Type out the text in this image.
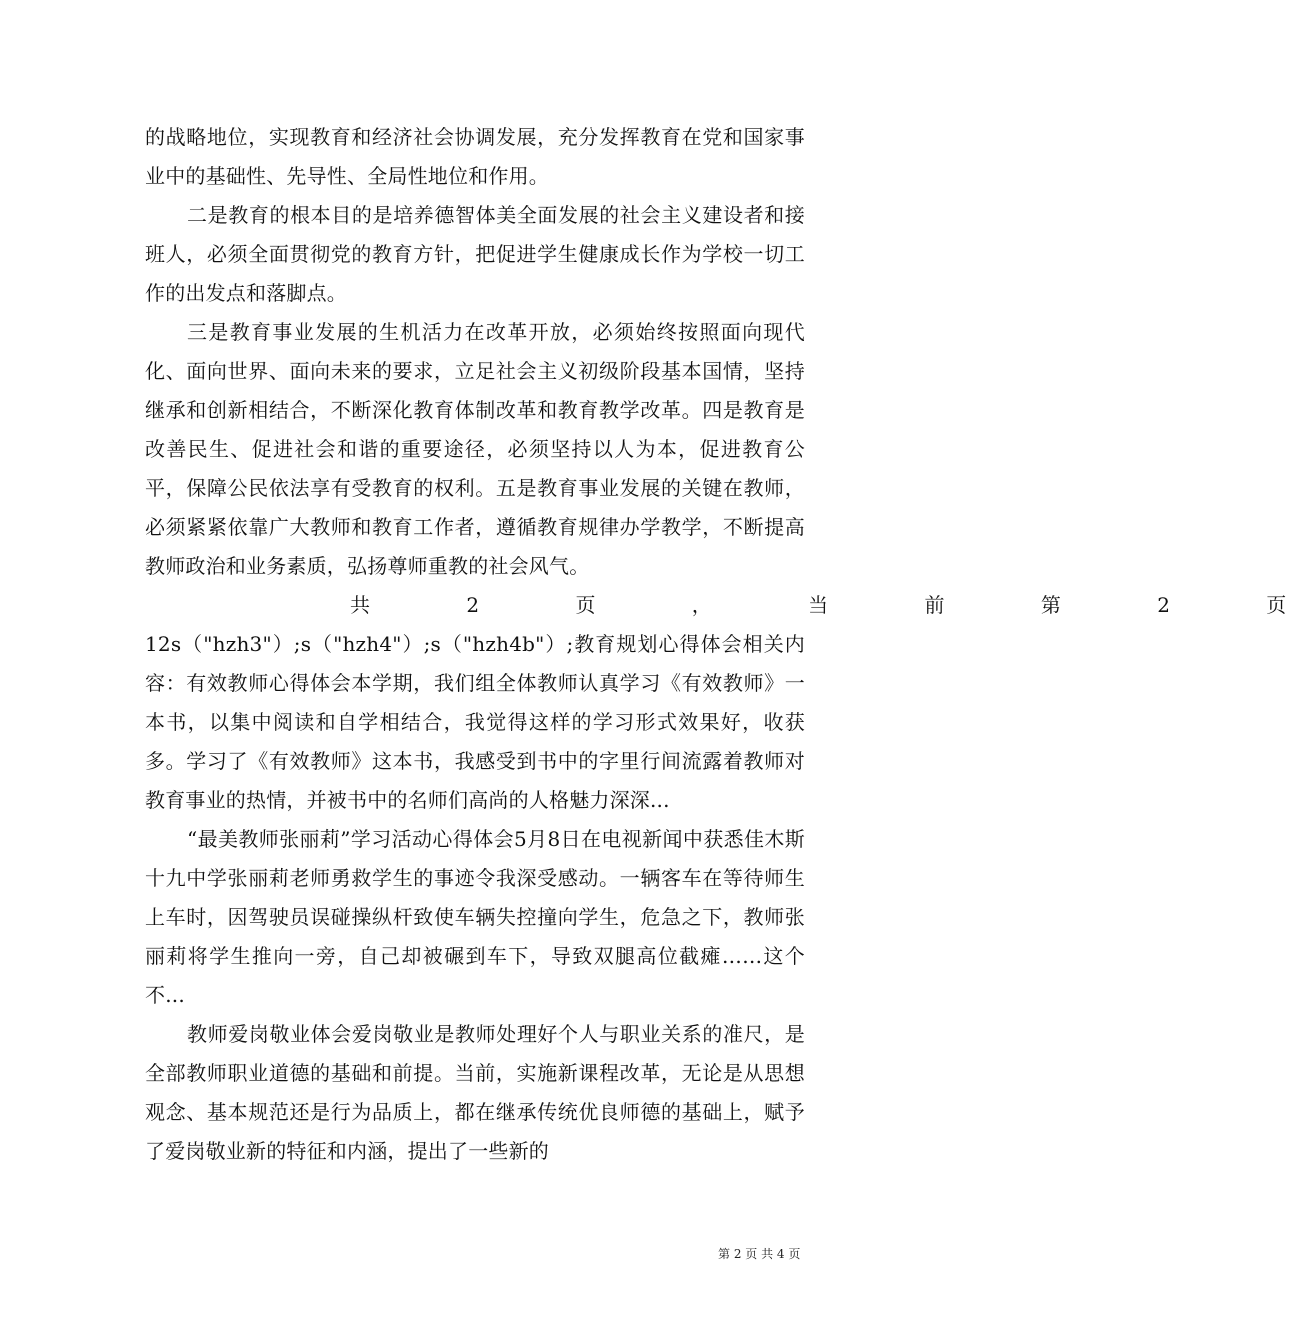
的战略地位，实现教育和经济社会协调发展，充分发挥教育在党和国家事业中的基础性、先导性、全局性地位和作用。

二是教育的根本目的是培养德智体美全面发展的社会主义建设者和接班人，必须全面贯彻党的教育方针，把促进学生健康成长作为学校一切工作的出发点和落脚点。

三是教育事业发展的生机活力在改革开放，必须始终按照面向现代化、面向世界、面向未来的要求，立足社会主义初级阶段基本国情，坚持继承和创新相结合，不断深化教育体制改革和教育教学改革。四是教育是改善民生、促进社会和谐的重要途径，必须坚持以人为本，促进教育公平，保障公民依法享有受教育的权利。五是教育事业发展的关键在教师，必须紧紧依靠广大教师和教育工作者，遵循教育规律办学教学，不断提高教师政治和业务素质，弘扬尊师重教的社会风气。

共 2 页 ， 当 前 第 2 页

12s（"hzh3"）;s（"hzh4"）;s（"hzh4b"）;教育规划心得体会相关内容：有效教师心得体会本学期，我们组全体教师认真学习《有效教师》一本书，以集中阅读和自学相结合，我觉得这样的学习形式效果好，收获多。学习了《有效教师》这本书，我感受到书中的字里行间流露着教师对教育事业的热情，并被书中的名师们高尚的人格魅力深深...

“最美教师张丽莉”学习活动心得体会5月8日在电视新闻中获悉佳木斯十九中学张丽莉老师勇救学生的事迹令我深受感动。一辆客车在等待师生上车时，因驾驶员误碰操纵杆致使车辆失控撞向学生，危急之下，教师张丽莉将学生推向一旁，自己却被碾到车下，导致双腿高位截瘫……这个不...

教师爱岗敬业体会爱岗敬业是教师处理好个人与职业关系的准尺，是全部教师职业道德的基础和前提。当前，实施新课程改革，无论是从思想观念、基本规范还是行为品质上，都在继承传统优良师德的基础上，赋予了爱岗敬业新的特征和内涵，提出了一些新的

第 2 页 共 4 页
